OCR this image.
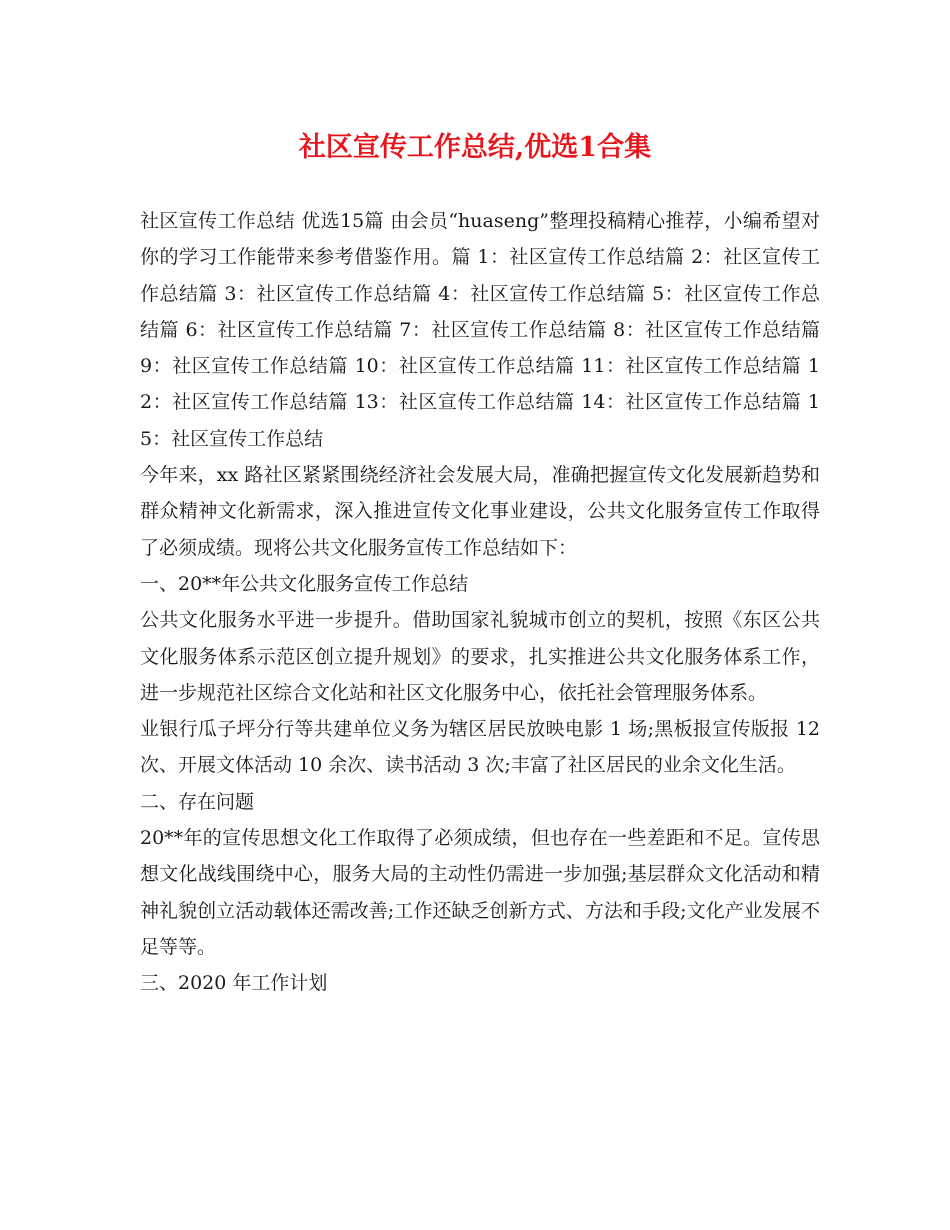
社区宣传工作总结,优选1合集

社区宣传工作总结 优选15篇 由会员“huaseng”整理投稿精心推荐，小编希望对你的学习工作能带来参考借鉴作用。篇 1：社区宣传工作总结篇 2：社区宣传工作总结篇 3：社区宣传工作总结篇 4：社区宣传工作总结篇 5：社区宣传工作总结篇 6：社区宣传工作总结篇 7：社区宣传工作总结篇 8：社区宣传工作总结篇 9：社区宣传工作总结篇 10：社区宣传工作总结篇 11：社区宣传工作总结篇 12：社区宣传工作总结篇 13：社区宣传工作总结篇 14：社区宣传工作总结篇 15：社区宣传工作总结

今年来，xx 路社区紧紧围绕经济社会发展大局，准确把握宣传文化发展新趋势和群众精神文化新需求，深入推进宣传文化事业建设，公共文化服务宣传工作取得了必须成绩。现将公共文化服务宣传工作总结如下：

一、20**年公共文化服务宣传工作总结

公共文化服务水平进一步提升。借助国家礼貌城市创立的契机，按照《东区公共文化服务体系示范区创立提升规划》的要求，扎实推进公共文化服务体系工作，进一步规范社区综合文化站和社区文化服务中心，依托社会管理服务体系。

业银行瓜子坪分行等共建单位义务为辖区居民放映电影 1 场;黑板报宣传版报 12 次、开展文体活动 10 余次、读书活动 3 次;丰富了社区居民的业余文化生活。

二、存在问题

20**年的宣传思想文化工作取得了必须成绩，但也存在一些差距和不足。宣传思想文化战线围绕中心，服务大局的主动性仍需进一步加强;基层群众文化活动和精神礼貌创立活动载体还需改善;工作还缺乏创新方式、方法和手段;文化产业发展不足等等。

三、2020 年工作计划
